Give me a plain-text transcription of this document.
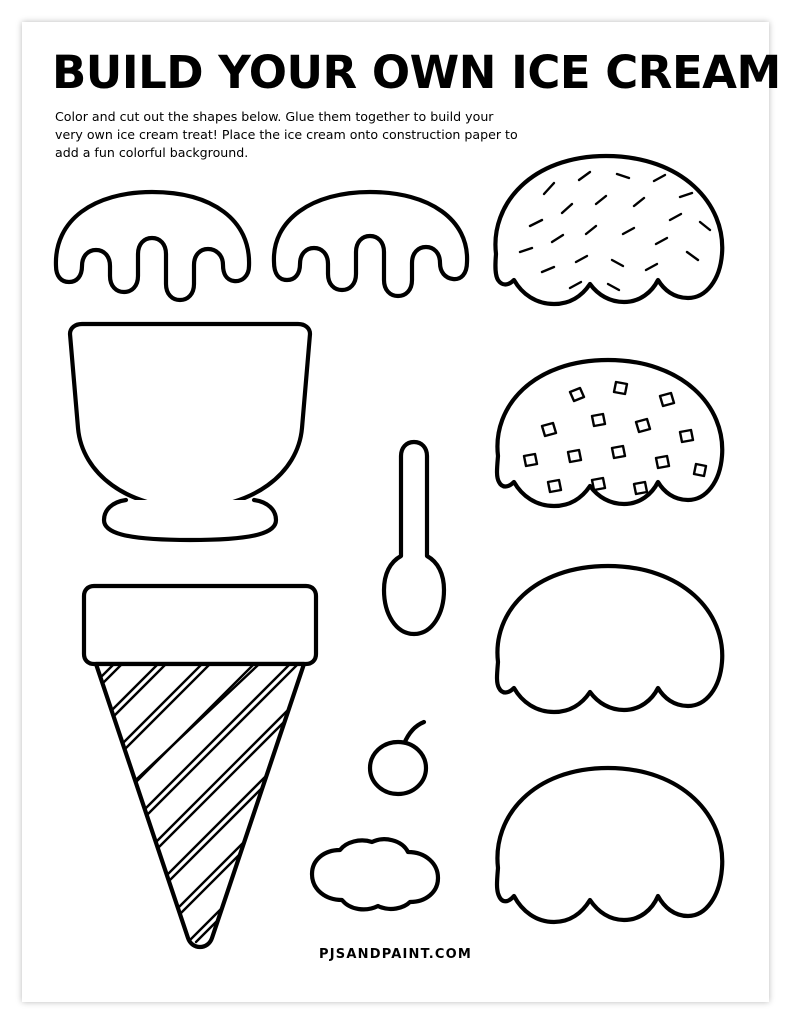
BUILD YOUR OWN ICE CREAM
Color and cut out the shapes below. Glue them together to build your very own ice cream treat! Place the ice cream onto construction paper to add a fun colorful background.
PJSANDPAINT.COM
